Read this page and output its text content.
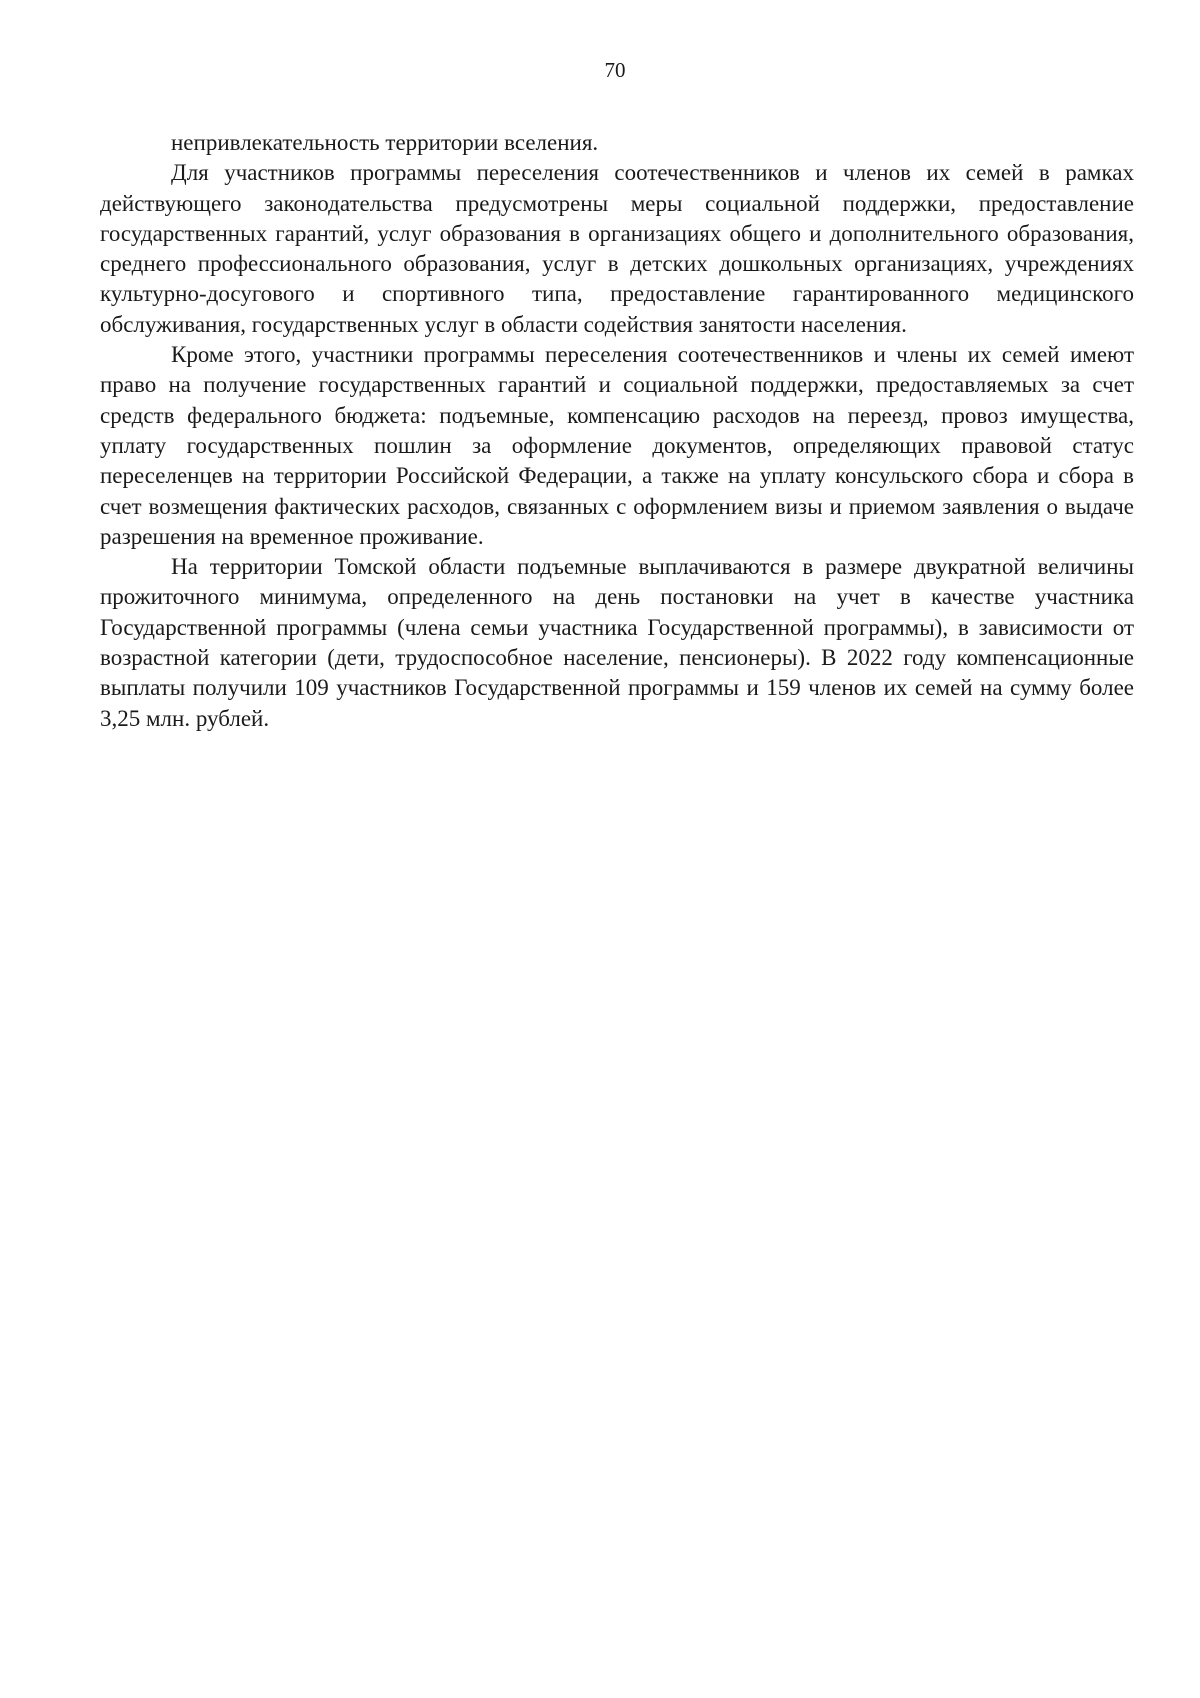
70

непривлекательность территории вселения.

Для участников программы переселения соотечественников и членов их семей в рамках действующего законодательства предусмотрены меры социальной поддержки, предоставление государственных гарантий, услуг образования в организациях общего и дополнительного образования, среднего профессионального образования, услуг в детских дошкольных организациях, учреждениях культурно-досугового и спортивного типа, предоставление гарантированного медицинского обслуживания, государственных услуг в области содействия занятости населения.

Кроме этого, участники программы переселения соотечественников и члены их семей имеют право на получение государственных гарантий и социальной поддержки, предоставляемых за счет средств федерального бюджета: подъемные, компенсацию расходов на переезд, провоз имущества, уплату государственных пошлин за оформление документов, определяющих правовой статус переселенцев на территории Российской Федерации, а также на уплату консульского сбора и сбора в счет возмещения фактических расходов, связанных с оформлением визы и приемом заявления о выдаче разрешения на временное проживание.

На территории Томской области подъемные выплачиваются в размере двукратной величины прожиточного минимума, определенного на день постановки на учет в качестве участника Государственной программы (члена семьи участника Государственной программы), в зависимости от возрастной категории (дети, трудоспособное население, пенсионеры). В 2022 году компенсационные выплаты получили 109 участников Государственной программы и 159 членов их семей на сумму более 3,25 млн. рублей.
